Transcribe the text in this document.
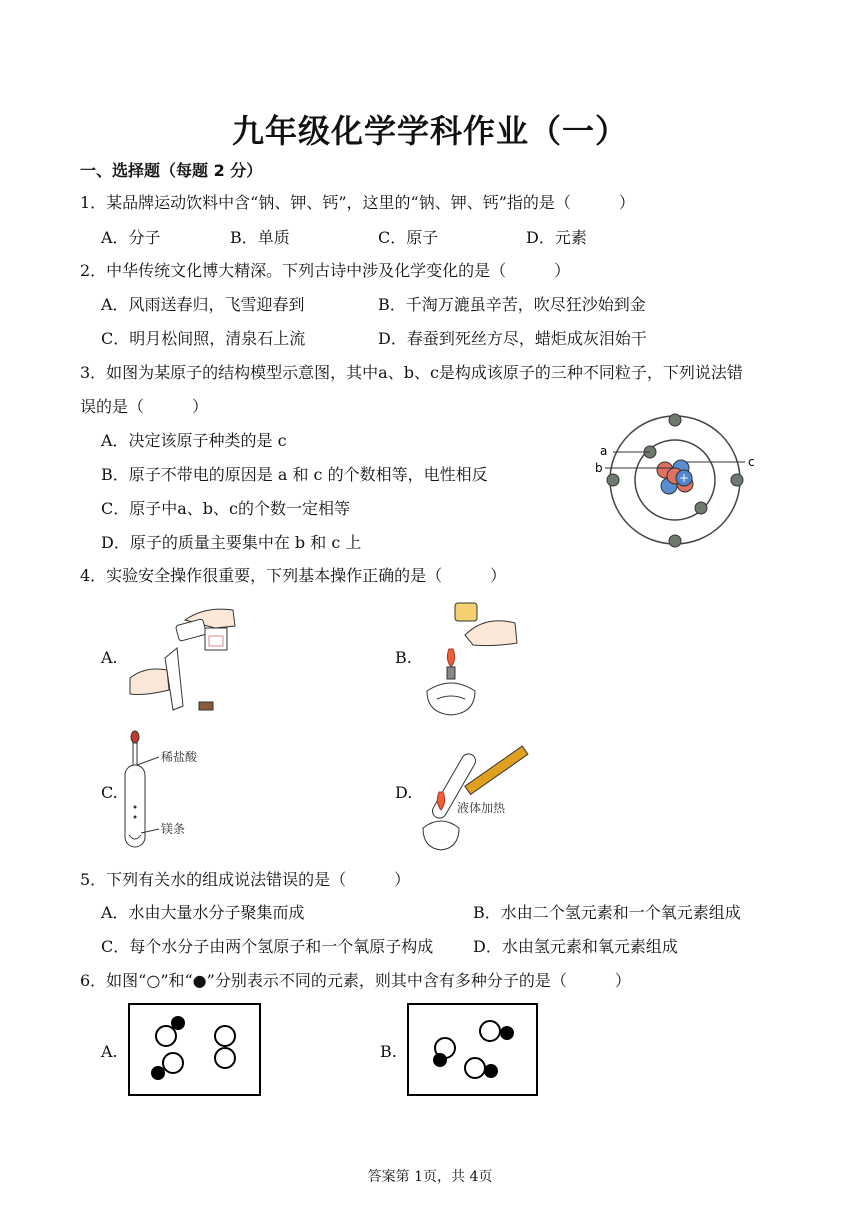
九年级化学学科作业（一）
一、选择题（每题 2 分）
1．某品牌运动饮料中含“钠、钾、钙”，这里的“钠、钾、钙”指的是（　　　）
A．分子	B．单质	C．原子	D．元素
2．中华传统文化博大精深。下列古诗中涉及化学变化的是（　　　）
A．风雨送春归，飞雪迎春到	B．千淘万漉虽辛苦，吹尽狂沙始到金
C．明月松间照，清泉石上流	D．春蚕到死丝方尽，蜡炬成灰泪始干
3．如图为某原子的结构模型示意图，其中a、b、c是构成该原子的三种不同粒子，下列说法错
误的是（　　　）
A．决定该原子种类的是 c
B．原子不带电的原因是 a 和 c 的个数相等，电性相反
C．原子中a、b、c的个数一定相等
D．原子的质量主要集中在 b 和 c 上
+
a
b	c
4．实验安全操作很重要，下列基本操作正确的是（　　　）
A.	B.
C.
稀盐酸
镁条
D.
液体加热
5．下列有关水的组成说法错误的是（　　　）
A．水由大量水分子聚集而成	B．水由二个氢元素和一个氧元素组成
C．每个水分子由两个氢原子和一个氧原子构成 D．水由氢元素和氧元素组成
6．如图“○”和“●”分别表示不同的元素，则其中含有多种分子的是（　　　）
A.	B.
答案第 1页，共 4页
